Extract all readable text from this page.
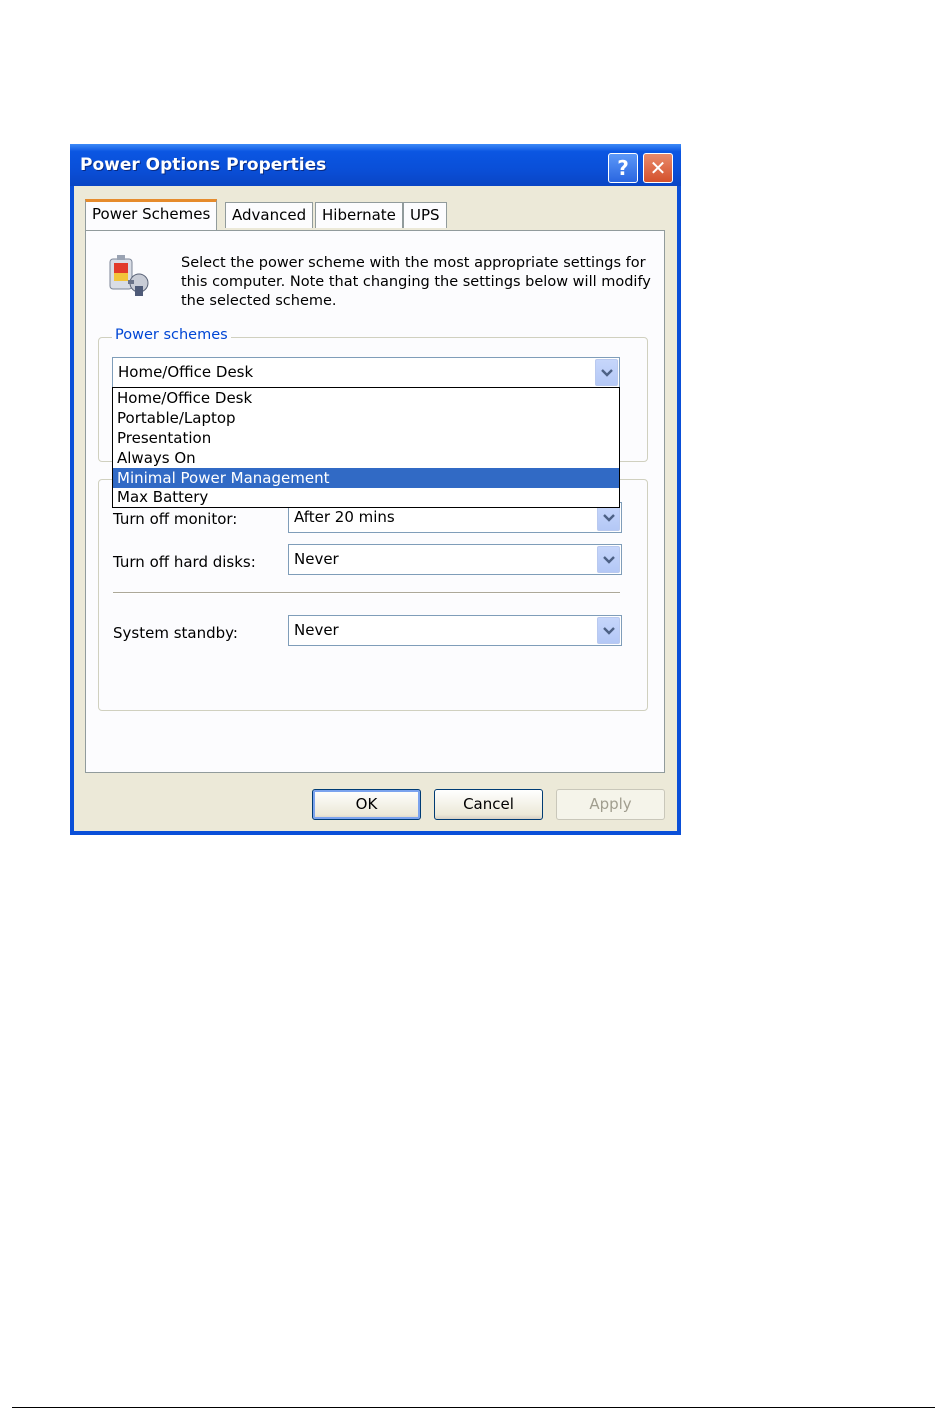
Power Options Properties	?	✕
Power Schemes	Advanced	Hibernate UPS
Select the power scheme with the most appropriate settings for this computer. Note that changing the settings below will modify the selected scheme.
Power schemes
Home/Office Desk
Home/Office Desk
Portable/Laptop
Presentation
Always On
Minimal Power Management
Max Battery
Turn off monitor:	After 20 mins
Turn off hard disks:	Never
System standby:	Never
OK	Cancel	Apply
